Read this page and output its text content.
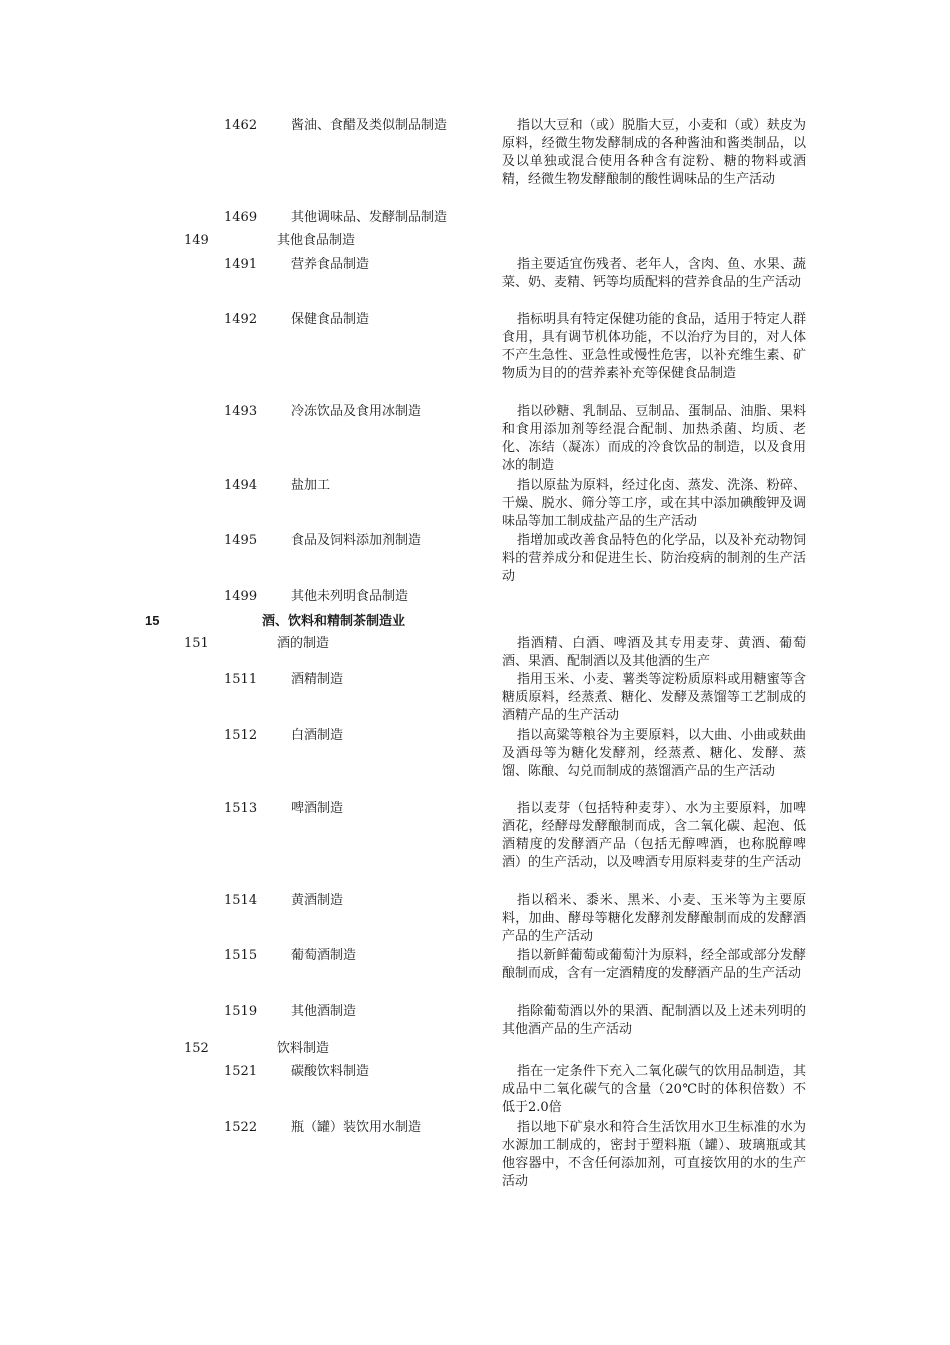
1462	酱油、食醋及类似制品制造	指以大豆和（或）脱脂大豆，小麦和（或）麸皮为原料，经微生物发酵制成的各种酱油和酱类制品，以及以单独或混合使用各种含有淀粉、糖的物料或酒精，经微生物发酵酿制的酸性调味品的生产活动
1469	其他调味品、发酵制品制造
149	其他食品制造
1491	营养食品制造	指主要适宜伤残者、老年人，含肉、鱼、水果、蔬菜、奶、麦精、钙等均质配料的营养食品的生产活动
1492	保健食品制造	指标明具有特定保健功能的食品，适用于特定人群食用，具有调节机体功能，不以治疗为目的，对人体不产生急性、亚急性或慢性危害，以补充维生素、矿物质为目的的营养素补充等保健食品制造
1493	冷冻饮品及食用冰制造	指以砂糖、乳制品、豆制品、蛋制品、油脂、果料和食用添加剂等经混合配制、加热杀菌、均质、老化、冻结（凝冻）而成的冷食饮品的制造，以及食用冰的制造
1494	盐加工	指以原盐为原料，经过化卤、蒸发、洗涤、粉碎、干燥、脱水、筛分等工序，或在其中添加碘酸钾及调味品等加工制成盐产品的生产活动
1495	食品及饲料添加剂制造	指增加或改善食品特色的化学品，以及补充动物饲料的营养成分和促进生长、防治疫病的制剂的生产活动
1499	其他未列明食品制造
15	酒、饮料和精制茶制造业
151	酒的制造	指酒精、白酒、啤酒及其专用麦芽、黄酒、葡萄酒、果酒、配制酒以及其他酒的生产
1511	酒精制造	指用玉米、小麦、薯类等淀粉质原料或用糖蜜等含糖质原料，经蒸煮、糖化、发酵及蒸馏等工艺制成的酒精产品的生产活动
1512	白酒制造	指以高粱等粮谷为主要原料，以大曲、小曲或麸曲及酒母等为糖化发酵剂，经蒸煮、糖化、发酵、蒸馏、陈酿、勾兑而制成的蒸馏酒产品的生产活动
1513	啤酒制造	指以麦芽（包括特种麦芽）、水为主要原料，加啤酒花，经酵母发酵酿制而成，含二氧化碳、起泡、低酒精度的发酵酒产品（包括无醇啤酒，也称脱醇啤酒）的生产活动，以及啤酒专用原料麦芽的生产活动
1514	黄酒制造	指以稻米、黍米、黑米、小麦、玉米等为主要原料，加曲、酵母等糖化发酵剂发酵酿制而成的发酵酒产品的生产活动
1515	葡萄酒制造	指以新鲜葡萄或葡萄汁为原料，经全部或部分发酵酿制而成，含有一定酒精度的发酵酒产品的生产活动
1519	其他酒制造	指除葡萄酒以外的果酒、配制酒以及上述未列明的其他酒产品的生产活动
152	饮料制造
1521	碳酸饮料制造	指在一定条件下充入二氧化碳气的饮用品制造，其成品中二氧化碳气的含量（20℃时的体积倍数）不低于2.0倍
1522	瓶（罐）装饮用水制造	指以地下矿泉水和符合生活饮用水卫生标准的水为水源加工制成的，密封于塑料瓶（罐）、玻璃瓶或其他容器中，不含任何添加剂，可直接饮用的水的生产活动
